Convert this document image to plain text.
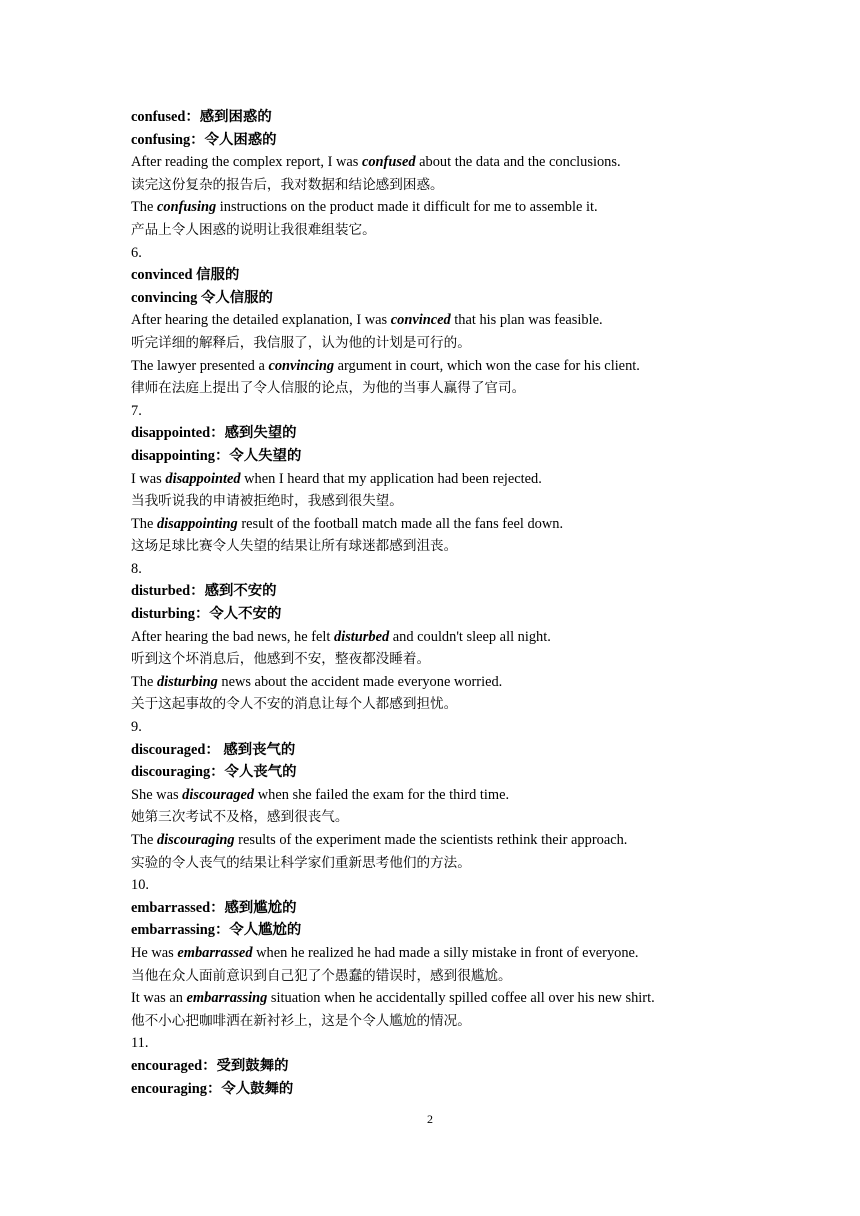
confused：感到困惑的
confusing：令人困惑的
After reading the complex report, I was confused about the data and the conclusions.
读完这份复杂的报告后，我对数据和结论感到困惑。
The confusing instructions on the product made it difficult for me to assemble it.
产品上令人困惑的说明让我很难组装它。
6.
convinced 信服的
convincing 令人信服的
After hearing the detailed explanation, I was convinced that his plan was feasible.
听完详细的解释后，我信服了，认为他的计划是可行的。
The lawyer presented a convincing argument in court, which won the case for his client.
律师在法庭上提出了令人信服的论点，为他的当事人赢得了官司。
7.
disappointed：感到失望的
disappointing：令人失望的
I was disappointed when I heard that my application had been rejected.
当我听说我的申请被拒绝时，我感到很失望。
The disappointing result of the football match made all the fans feel down.
这场足球比赛令人失望的结果让所有球迷都感到沮丧。
8.
disturbed：感到不安的
disturbing：令人不安的
After hearing the bad news, he felt disturbed and couldn't sleep all night.
听到这个坏消息后，他感到不安，整夜都没睡着。
The disturbing news about the accident made everyone worried.
关于这起事故的令人不安的消息让每个人都感到担忧。
9.
discouraged： 感到丧气的
discouraging：令人丧气的
She was discouraged when she failed the exam for the third time.
她第三次考试不及格，感到很丧气。
The discouraging results of the experiment made the scientists rethink their approach.
实验的令人丧气的结果让科学家们重新思考他们的方法。
10.
embarrassed：感到尴尬的
embarrassing：令人尴尬的
He was embarrassed when he realized he had made a silly mistake in front of everyone.
当他在众人面前意识到自己犯了个愚蠢的错误时，感到很尴尬。
It was an embarrassing situation when he accidentally spilled coffee all over his new shirt.
他不小心把咖啡洒在新衬衫上，这是个令人尴尬的情况。
11.
encouraged：受到鼓舞的
encouraging：令人鼓舞的
2
